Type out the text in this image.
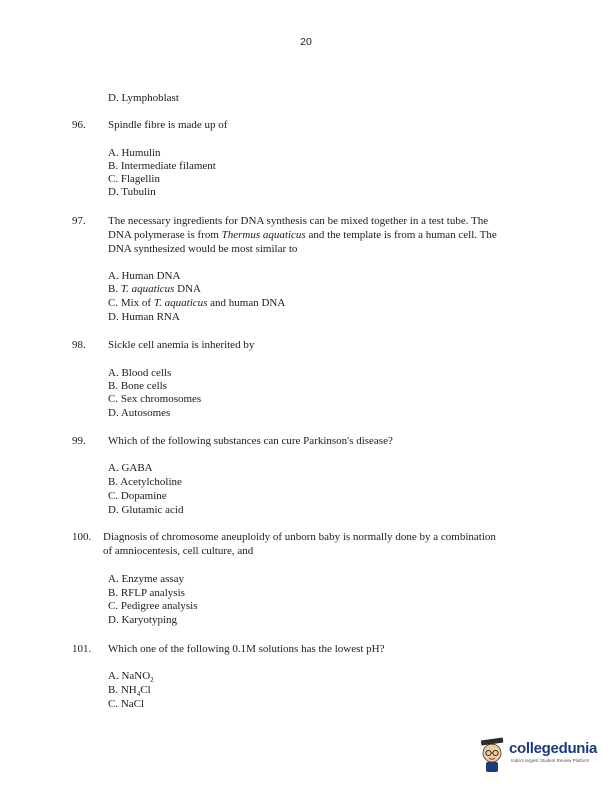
20
D. Lymphoblast
96. Spindle fibre is made up of
A. Humulin
B. Intermediate filament
C. Flagellin
D. Tubulin
97. The necessary ingredients for DNA synthesis can be mixed together in a test tube. The
DNA polymerase is from Thermus aquaticus and the template is from a human cell. The
DNA synthesized would be most similar to
A. Human DNA
B. T. aquaticus DNA
C. Mix of T. aquaticus and human DNA
D. Human RNA
98. Sickle cell anemia is inherited by
A. Blood cells
B. Bone cells
C. Sex chromosomes
D. Autosomes
99. Which of the following substances can cure Parkinson's disease?
A. GABA
B. Acetylcholine
C. Dopamine
D. Glutamic acid
100. Diagnosis of chromosome aneuploidy of unborn baby is normally done by a combination
of amniocentesis, cell culture, and
A. Enzyme assay
B. RFLP analysis
C. Pedigree analysis
D. Karyotyping
101. Which one of the following 0.1M solutions has the lowest pH?
A. NaNO$_2$
B. $NH_4Cl$
C. NaCl
collegedunia
India's largest Student Review Platform
